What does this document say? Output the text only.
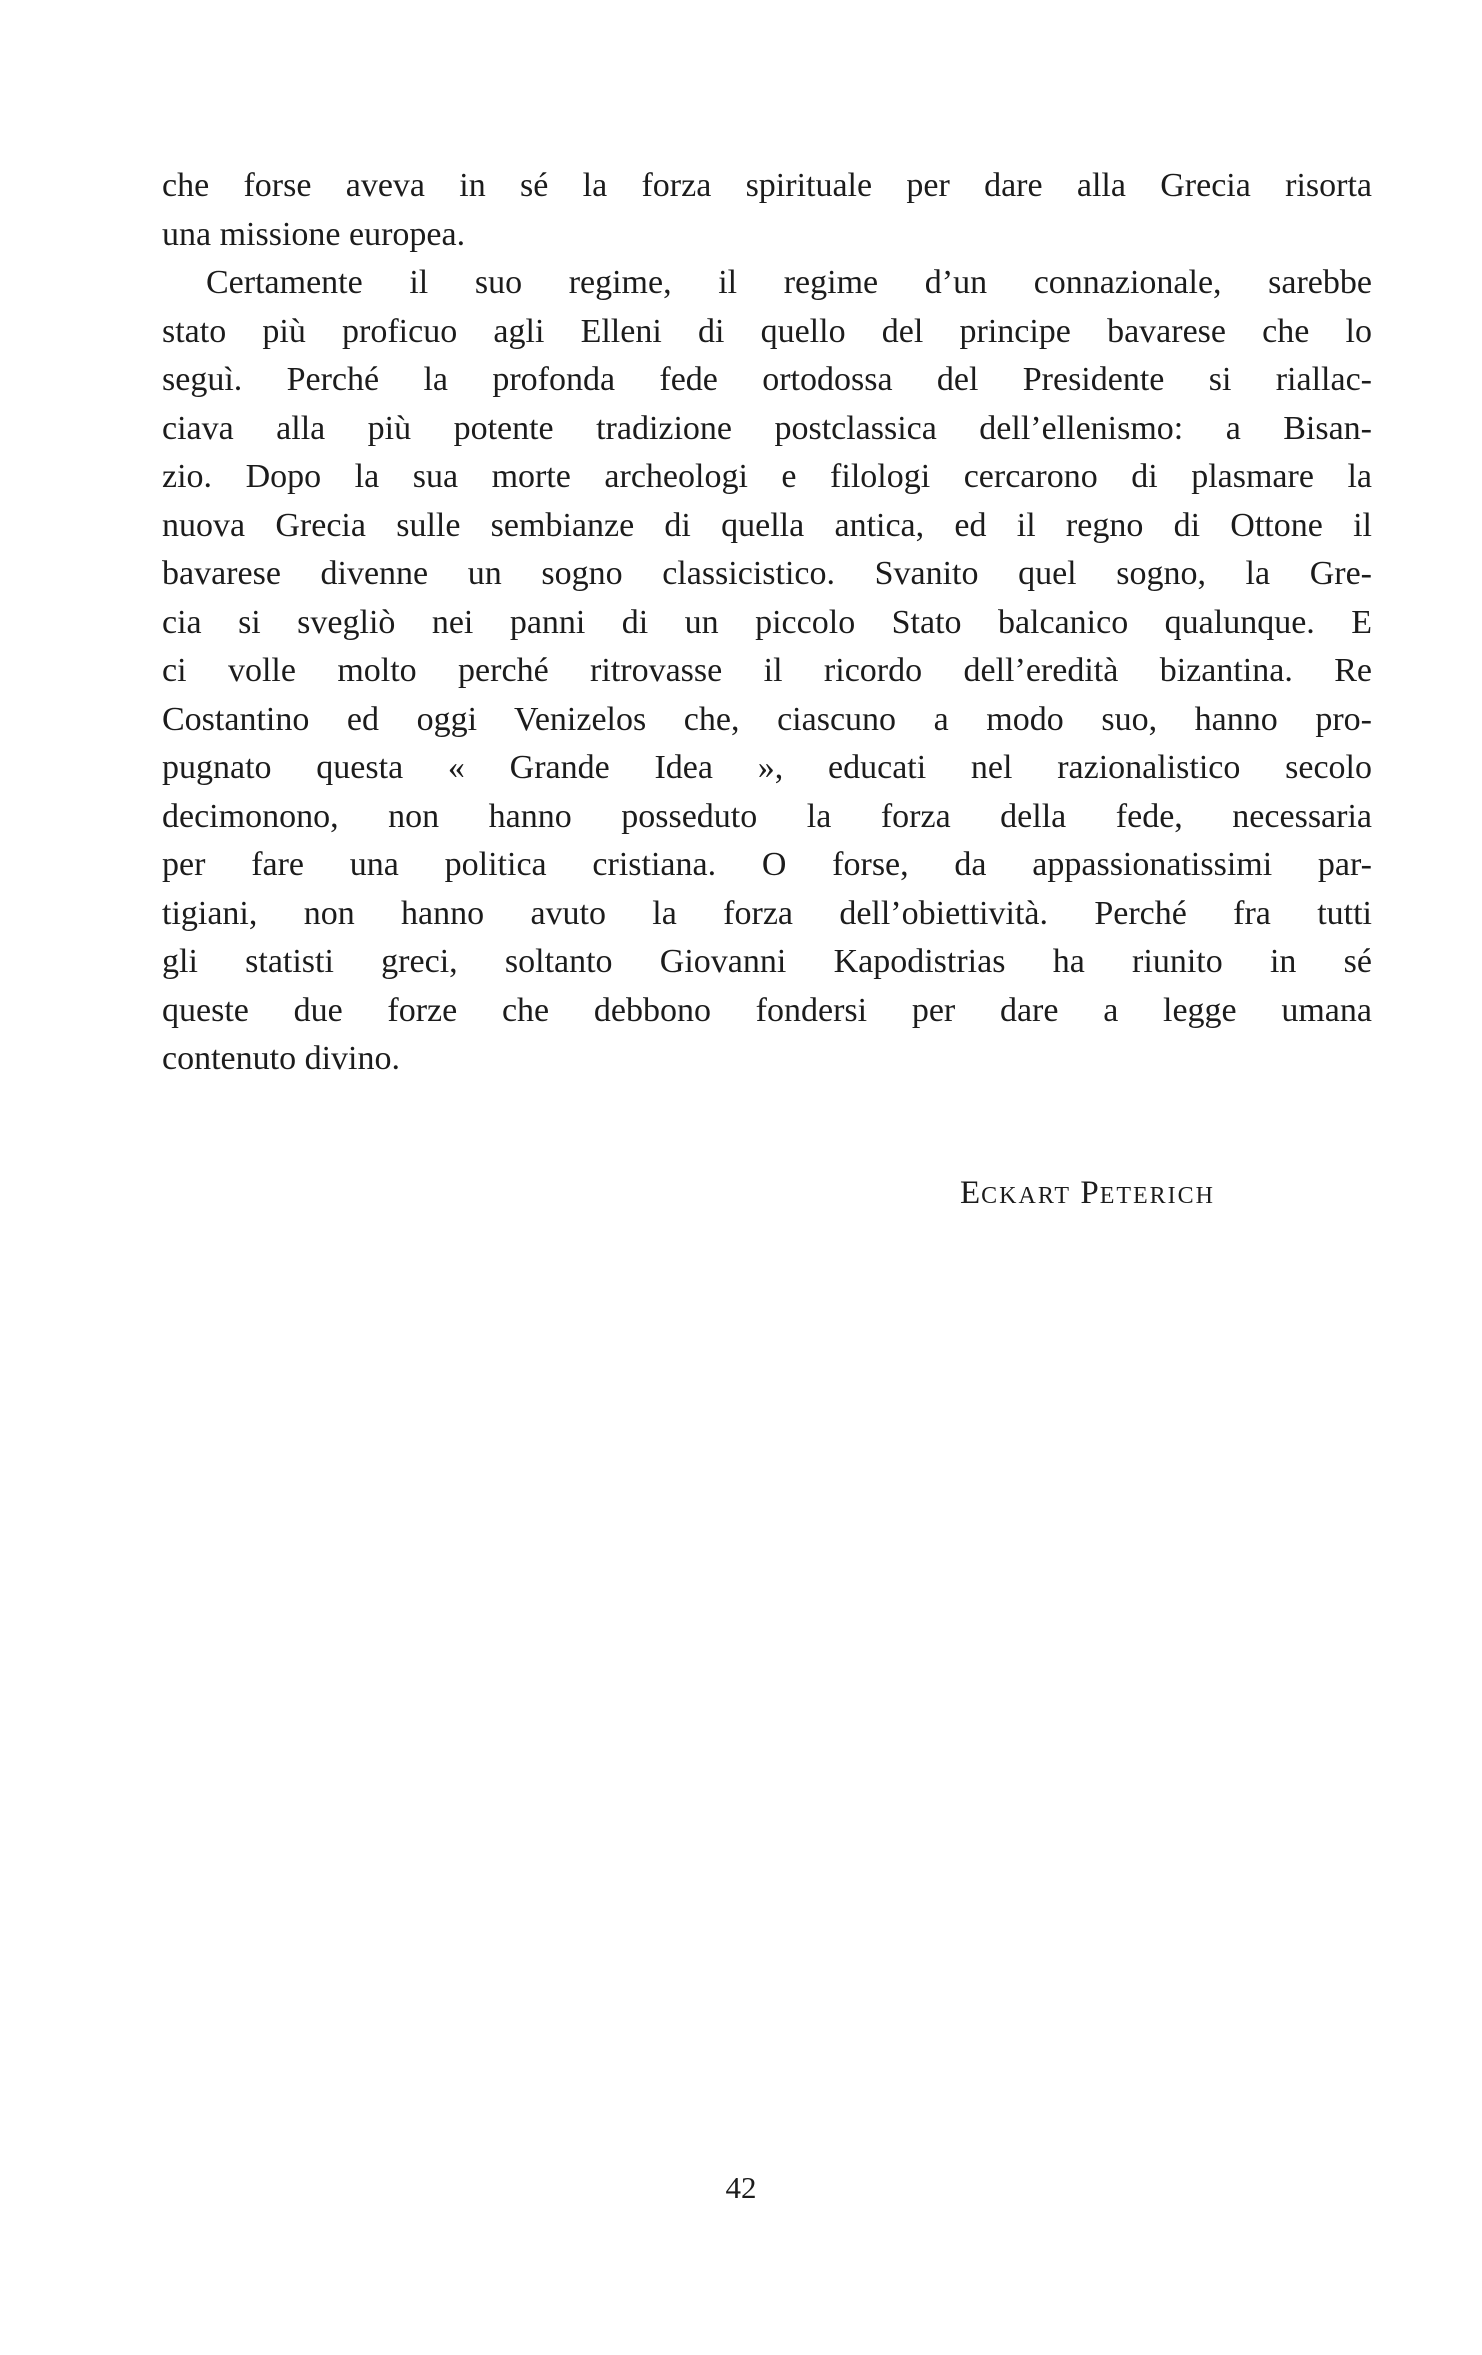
che forse aveva in sé la forza spirituale per dare alla Grecia risorta
una missione europea.
Certamente il suo regime, il regime d’un connazionale, sarebbe
stato più proficuo agli Elleni di quello del principe bavarese che lo
seguì. Perché la profonda fede ortodossa del Presidente si riallac-
ciava alla più potente tradizione postclassica dell’ellenismo: a Bisan-
zio. Dopo la sua morte archeologi e filologi cercarono di plasmare la
nuova Grecia sulle sembianze di quella antica, ed il regno di Ottone il
bavarese divenne un sogno classicistico. Svanito quel sogno, la Gre-
cia si svegliò nei panni di un piccolo Stato balcanico qualunque. E
ci volle molto perché ritrovasse il ricordo dell’eredità bizantina. Re
Costantino ed oggi Venizelos che, ciascuno a modo suo, hanno pro-
pugnato questa « Grande Idea », educati nel razionalistico secolo
decimonono, non hanno posseduto la forza della fede, necessaria
per fare una politica cristiana. O forse, da appassionatissimi par-
tigiani, non hanno avuto la forza dell’obiettività. Perché fra tutti
gli statisti greci, soltanto Giovanni Kapodistrias ha riunito in sé
queste due forze che debbono fondersi per dare a legge umana
contenuto divino.
ECKART PETERICH
42
